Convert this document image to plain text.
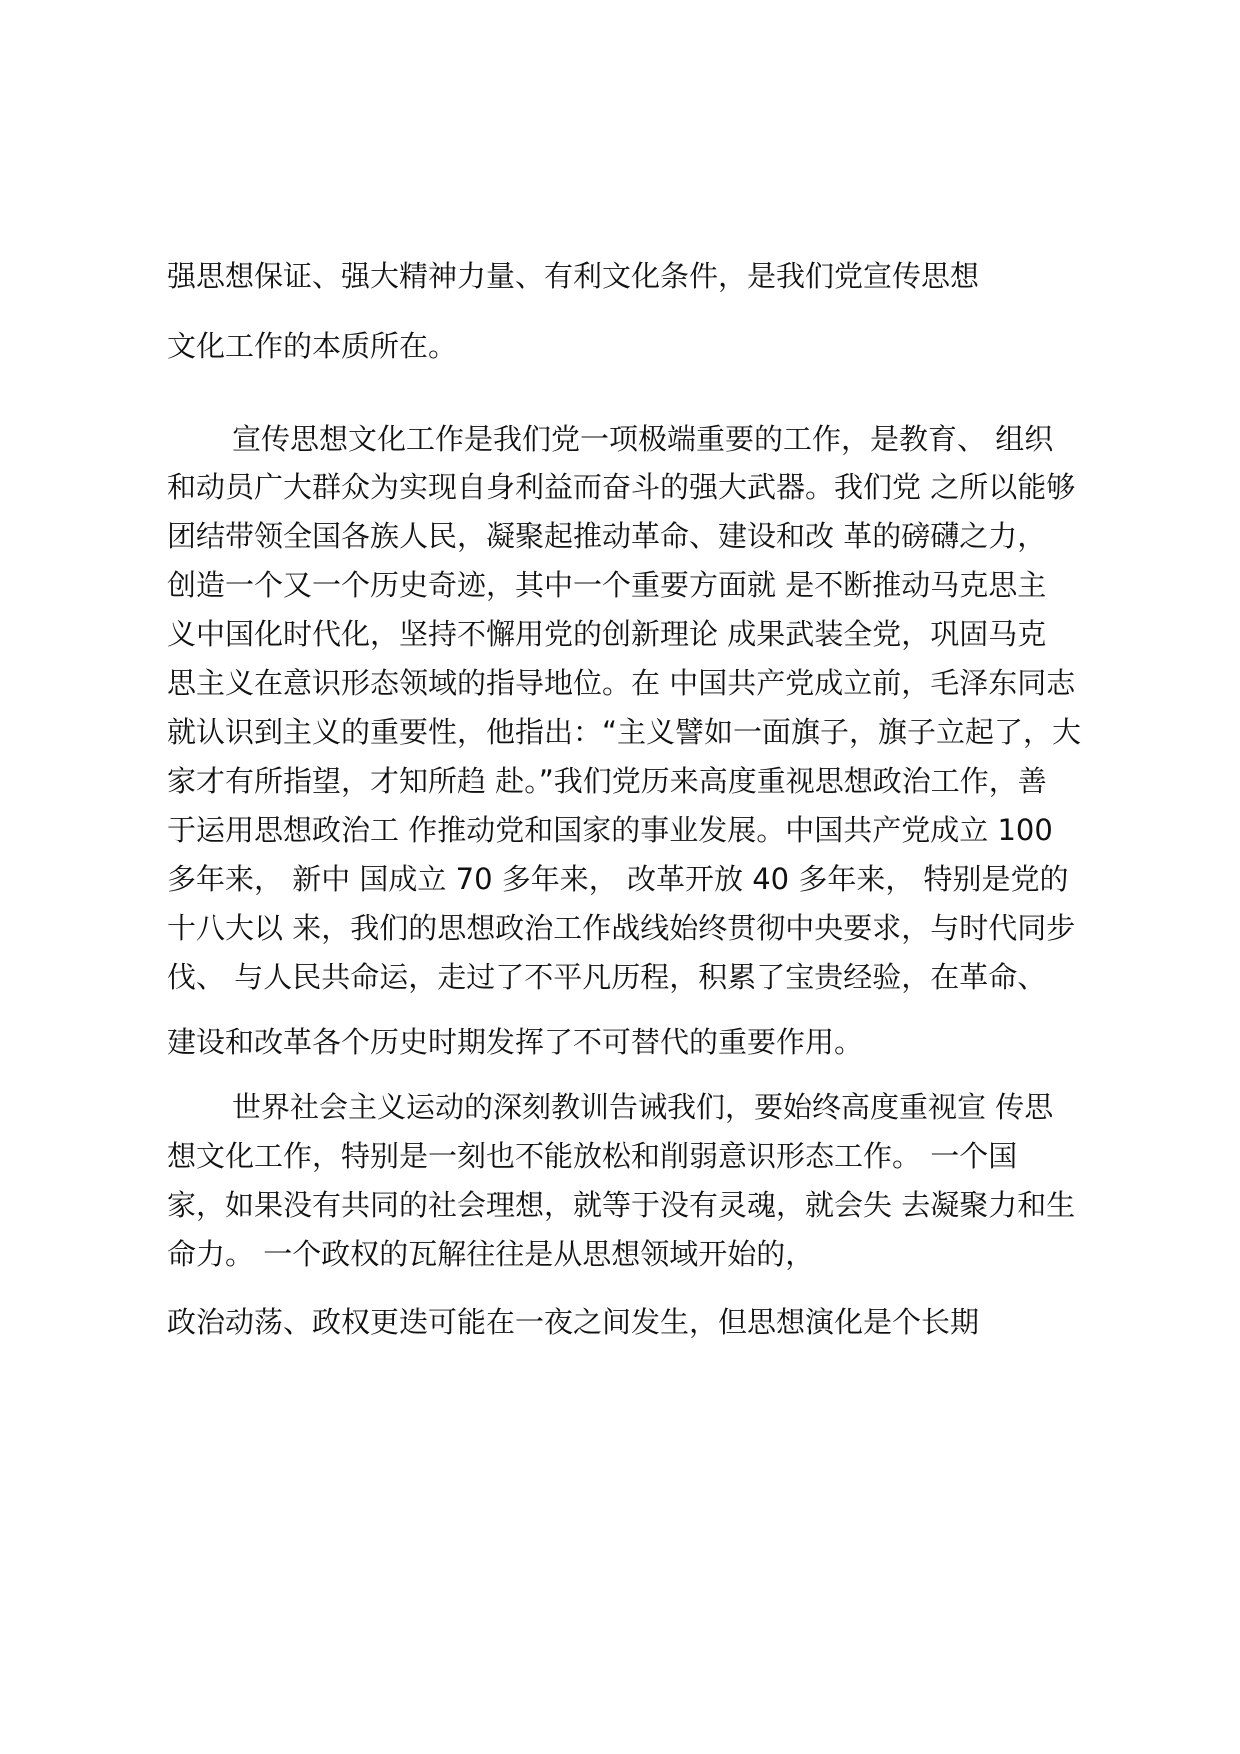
强思想保证、强大精神力量、有利文化条件，是我们党宣传思想

文化工作的本质所在。

宣传思想文化工作是我们党一项极端重要的工作，是教育、 组织

和动员广大群众为实现自身利益而奋斗的强大武器。我们党 之所以能够

团结带领全国各族人民，凝聚起推动革命、建设和改 革的磅礴之力，

创造一个又一个历史奇迹，其中一个重要方面就 是不断推动马克思主

义中国化时代化，坚持不懈用党的创新理论 成果武装全党，巩固马克

思主义在意识形态领域的指导地位。在 中国共产党成立前，毛泽东同志

就认识到主义的重要性，他指出：“主义譬如一面旗子，旗子立起了，大

家才有所指望，才知所趋 赴。”我们党历来高度重视思想政治工作，善

于运用思想政治工 作推动党和国家的事业发展。中国共产党成立 100

多年来， 新中 国成立 70 多年来， 改革开放 40 多年来， 特别是党的

十八大以 来，我们的思想政治工作战线始终贯彻中央要求，与时代同步

伐、 与人民共命运，走过了不平凡历程，积累了宝贵经验，在革命、

建设和改革各个历史时期发挥了不可替代的重要作用。

世界社会主义运动的深刻教训告诫我们，要始终高度重视宣 传思

想文化工作，特别是一刻也不能放松和削弱意识形态工作。 一个国

家，如果没有共同的社会理想，就等于没有灵魂，就会失 去凝聚力和生

命力。 一个政权的瓦解往往是从思想领域开始的，

政治动荡、政权更迭可能在一夜之间发生，但思想演化是个长期
